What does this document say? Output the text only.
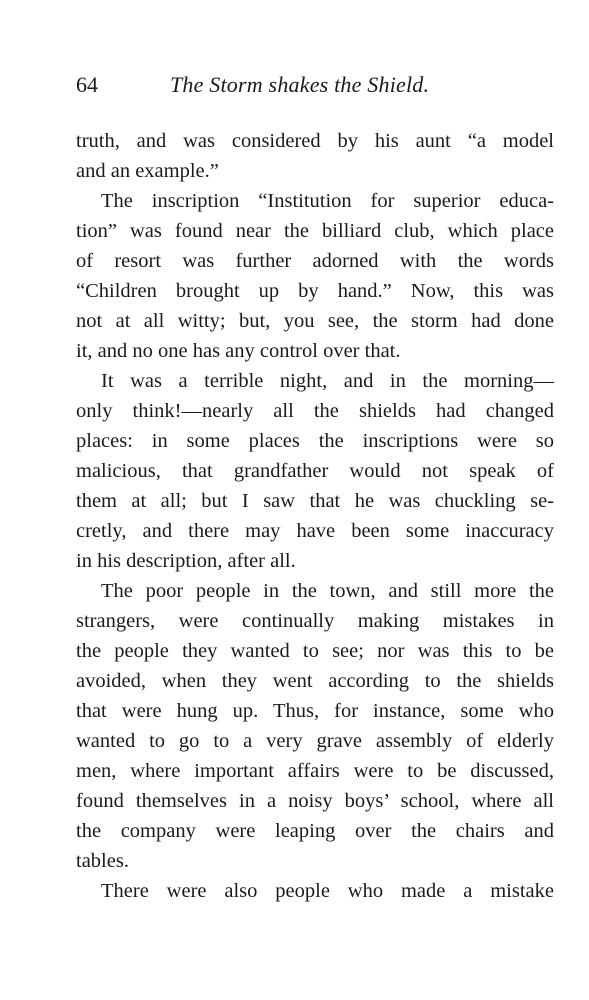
64	The Storm shakes the Shield.
truth, and was considered by his aunt “a model
and an example.”
The inscription “Institution for superior educa-
tion” was found near the billiard club, which place
of resort was further adorned with the words
“Children brought up by hand.” Now, this was
not at all witty; but, you see, the storm had done
it, and no one has any control over that.
It was a terrible night, and in the morning—
only think!—nearly all the shields had changed
places: in some places the inscriptions were so
malicious, that grandfather would not speak of
them at all; but I saw that he was chuckling se-
cretly, and there may have been some inaccuracy
in his description, after all.
The poor people in the town, and still more the
strangers, were continually making mistakes in
the people they wanted to see; nor was this to be
avoided, when they went according to the shields
that were hung up. Thus, for instance, some who
wanted to go to a very grave assembly of elderly
men, where important affairs were to be discussed,
found themselves in a noisy boys’ school, where all
the company were leaping over the chairs and
tables.
There were also people who made a mistake
